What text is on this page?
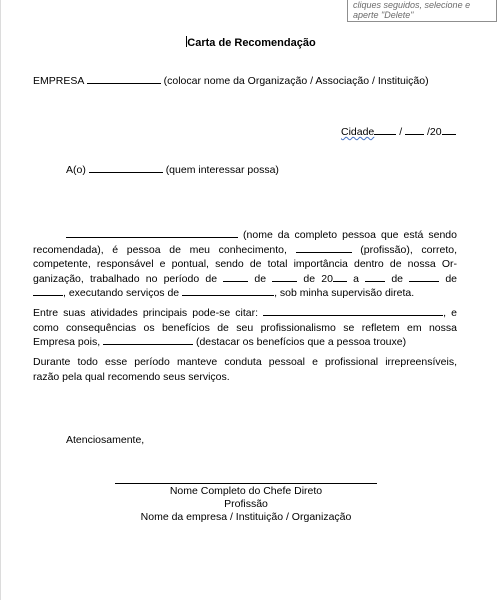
cliques seguidos, selecione e
aperte "Delete"
Carta de Recomendação
EMPRESA	(colocar nome da Organização / Associação / Instituição)
Cidade / /20
A(o)	(quem interessar possa)
(nome da completo pessoa que está sendo
recomendada), é pessoa de meu conhecimento,	(profissão), correto,
competente, responsável e pontual, sendo de total importância dentro de nossa Or-
ganização, trabalhado no período de	de	de 20 a	de	de
, executando serviços de	, sob minha supervisão direta.
Entre suas atividades principais pode-se citar:	, e
como consequências os benefícios de seu profissionalismo se refletem em nossa
Empresa pois,	(destacar os benefícios que a pessoa trouxe)
Durante todo esse período manteve conduta pessoal e profissional irrepreensíveis,
razão pela qual recomendo seus serviços.
Atenciosamente,
Nome Completo do Chefe Direto
Profissão
Nome da empresa / Instituição / Organização
